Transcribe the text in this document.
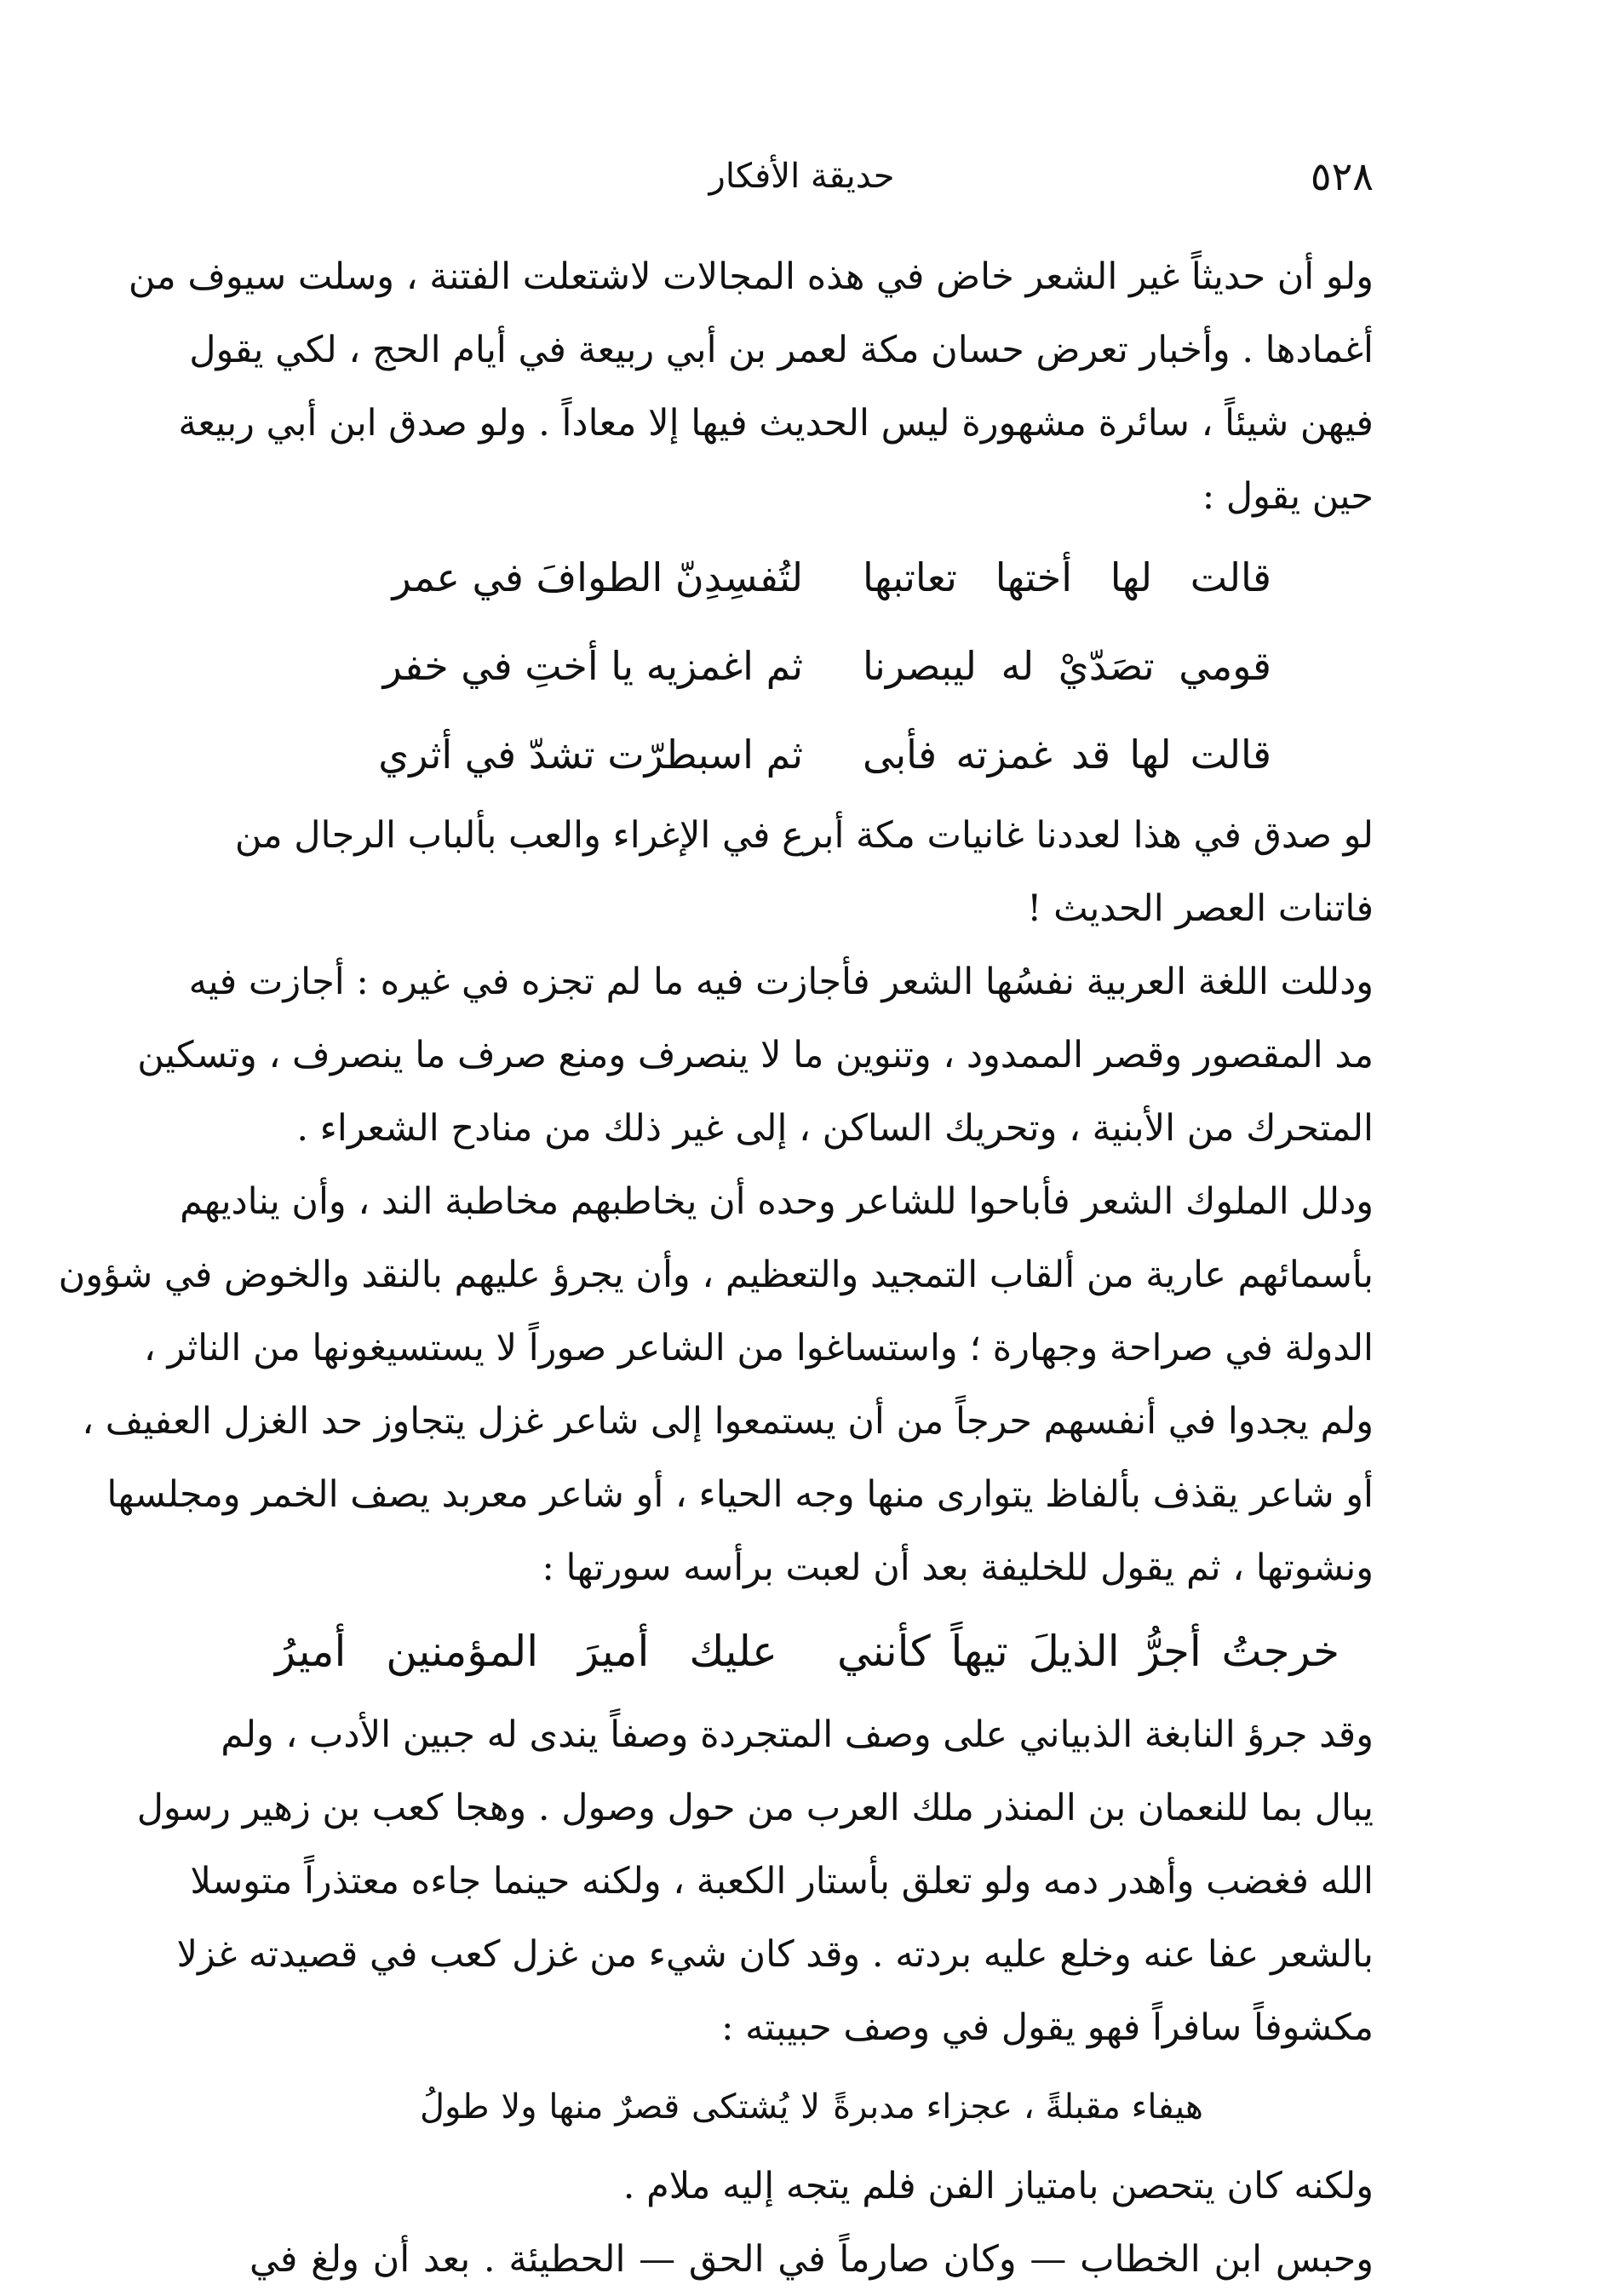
٥٢٨
حديقة الأفكار
ولو أن حديثاً غير الشعر خاض في هذه المجالات لاشتعلت الفتنة ، وسلت سيوف من
أغمادها . وأخبار تعرض حسان مكة لعمر بن أبي ربيعة في أيام الحج ، لكي يقول
فيهن شيئاً ، سائرة مشهورة ليس الحديث فيها إلا معاداً . ولو صدق ابن أبي ربيعة
حين يقول :
قالت لها أختها تعاتبها
لتُفسِدِنّ الطوافَ في عمر
قومي تصَدّيْ له ليبصرنا
ثم اغمزيه يا أختِ في خفر
قالت لها قد غمزته فأبى
ثم اسبطرّت تشدّ في أثري
لو صدق في هذا لعددنا غانيات مكة أبرع في الإغراء والعب بألباب الرجال من
فاتنات العصر الحديث !
ودللت اللغة العربية نفسُها الشعر فأجازت فيه ما لم تجزه في غيره : أجازت فيه
مد المقصور وقصر الممدود ، وتنوين ما لا ينصرف ومنع صرف ما ينصرف ، وتسكين
المتحرك من الأبنية ، وتحريك الساكن ، إلى غير ذلك من منادح الشعراء .
ودلل الملوك الشعر فأباحوا للشاعر وحده أن يخاطبهم مخاطبة الند ، وأن يناديهم
بأسمائهم عارية من ألقاب التمجيد والتعظيم ، وأن يجرؤ عليهم بالنقد والخوض في شؤون
الدولة في صراحة وجهارة ؛ واستساغوا من الشاعر صوراً لا يستسيغونها من الناثر ،
ولم يجدوا في أنفسهم حرجاً من أن يستمعوا إلى شاعر غزل يتجاوز حد الغزل العفيف ،
أو شاعر يقذف بألفاظ يتوارى منها وجه الحياء ، أو شاعر معربد يصف الخمر ومجلسها
ونشوتها ، ثم يقول للخليفة بعد أن لعبت برأسه سورتها :
خرجتُ أجرُّ الذيلَ تيهاً كأنني
عليك أميرَ المؤمنين أميرُ
وقد جرؤ النابغة الذبياني على وصف المتجردة وصفاً يندى له جبين الأدب ، ولم
يبال بما للنعمان بن المنذر ملك العرب من حول وصول . وهجا كعب بن زهير رسول
الله فغضب وأهدر دمه ولو تعلق بأستار الكعبة ، ولكنه حينما جاءه معتذراً متوسلا
بالشعر عفا عنه وخلع عليه بردته . وقد كان شيء من غزل كعب في قصيدته غزلا
مكشوفاً سافراً فهو يقول في وصف حبيبته :
هيفاء مقبلةً ، عجزاء مدبرةً
لا يُشتكى قصرٌ منها ولا طولُ
ولكنه كان يتحصن بامتياز الفن فلم يتجه إليه ملام .
وحبس ابن الخطاب — وكان صارماً في الحق — الحطيئة . بعد أن ولغ في
